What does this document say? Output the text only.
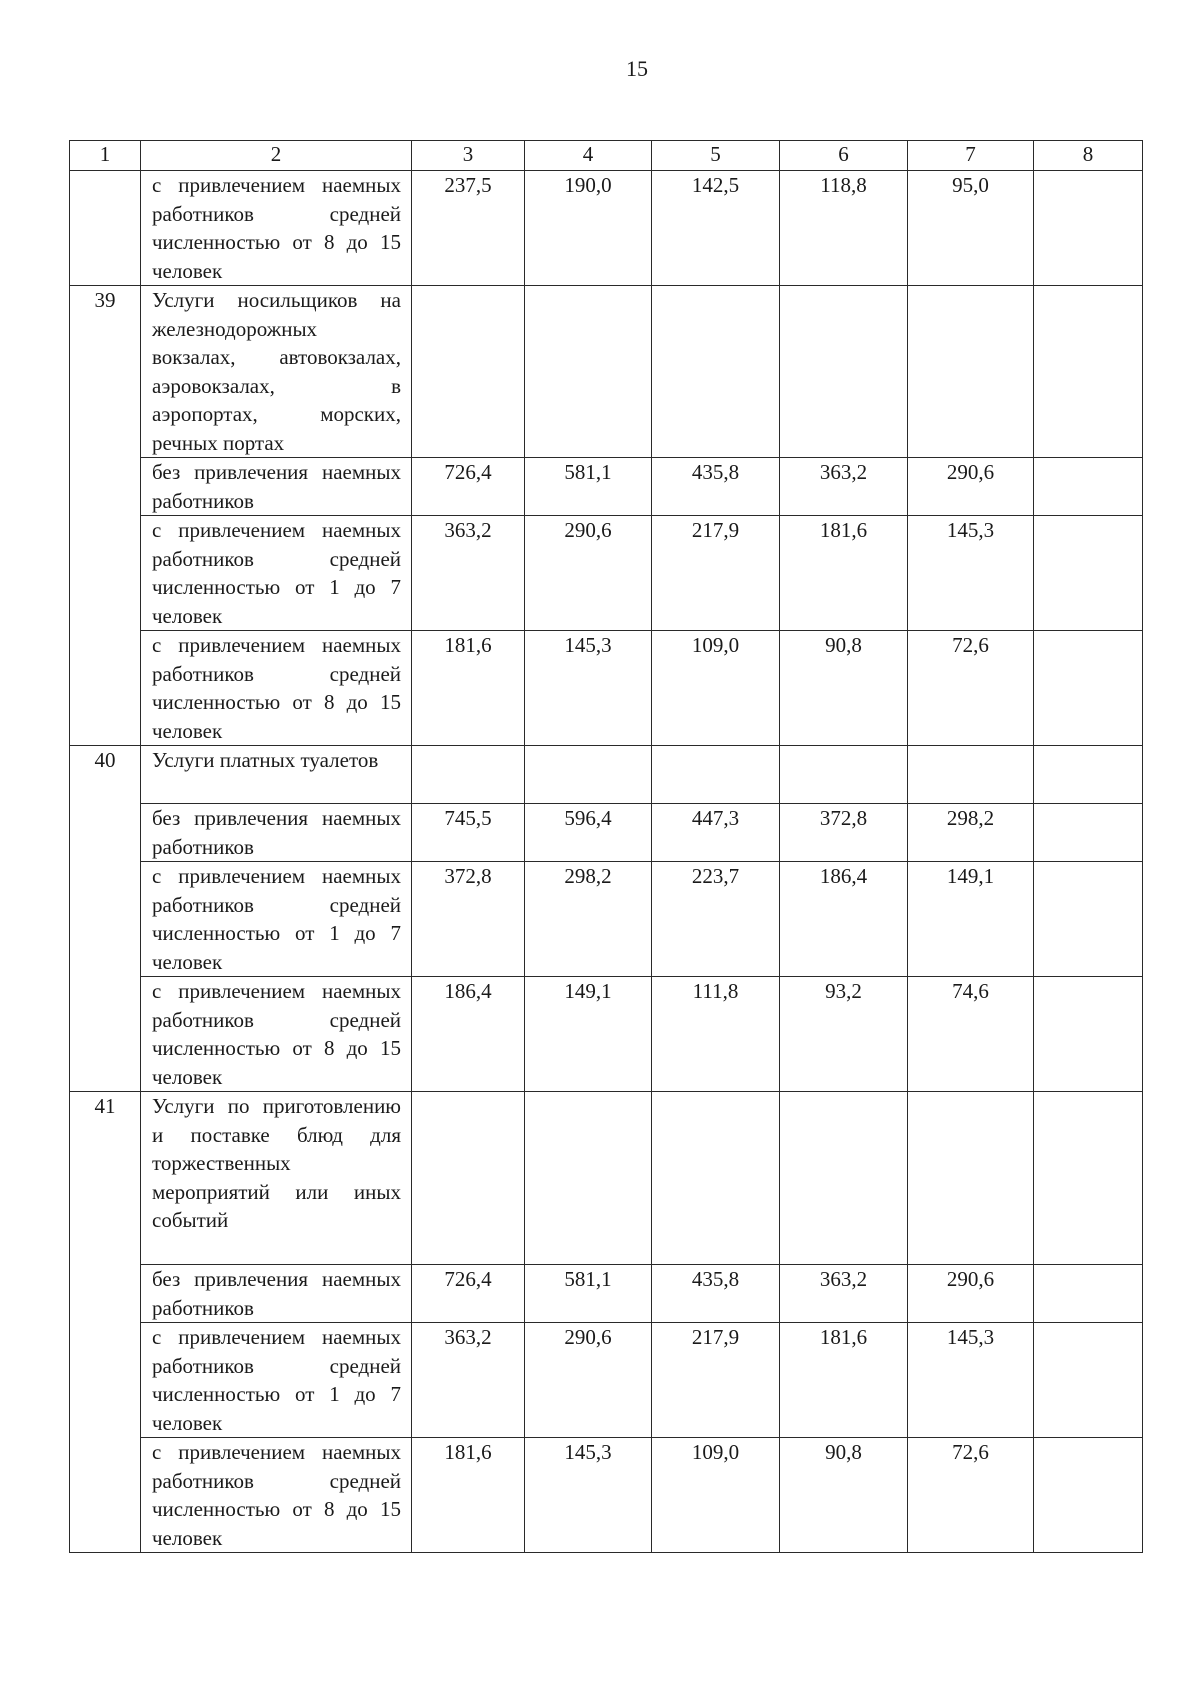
15
1	2	3	4	5	6	7	8
	с привлечением наемных работников средней численностью от 8 до 15 человек	237,5	190,0	142,5	118,8	95,0	
39	Услуги носильщиков на железнодорожных вокзалах, автовокзалах, аэровокзалах, в аэропортах, морских, речных портах						
	без привлечения наемных работников	726,4	581,1	435,8	363,2	290,6	
	с привлечением наемных работников средней численностью от 1 до 7 человек	363,2	290,6	217,9	181,6	145,3	
	с привлечением наемных работников средней численностью от 8 до 15 человек	181,6	145,3	109,0	90,8	72,6	
40	Услуги платных туалетов						
	без привлечения наемных работников	745,5	596,4	447,3	372,8	298,2	
	с привлечением наемных работников средней численностью от 1 до 7 человек	372,8	298,2	223,7	186,4	149,1	
	с привлечением наемных работников средней численностью от 8 до 15 человек	186,4	149,1	111,8	93,2	74,6	
41	Услуги по приготовлению и поставке блюд для торжественных мероприятий или иных событий						
	без привлечения наемных работников	726,4	581,1	435,8	363,2	290,6	
	с привлечением наемных работников средней численностью от 1 до 7 человек	363,2	290,6	217,9	181,6	145,3	
	с привлечением наемных работников средней численностью от 8 до 15 человек	181,6	145,3	109,0	90,8	72,6	
